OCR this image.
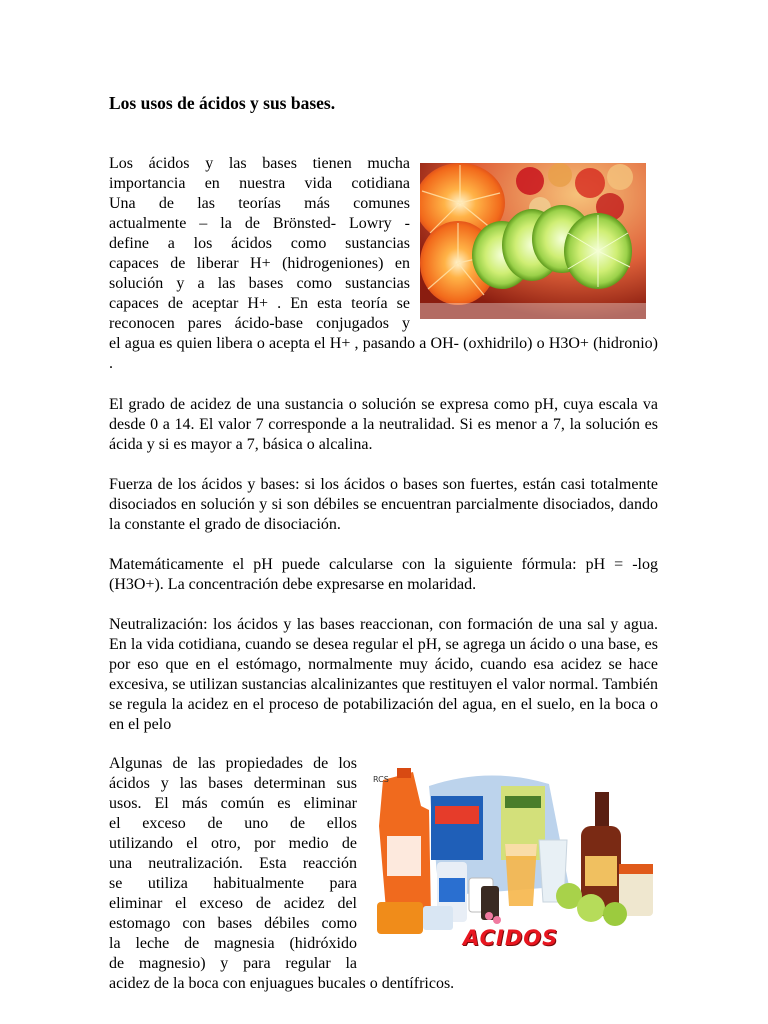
Los usos de ácidos y sus bases.
Los ácidos y las bases tienen mucha
importancia en nuestra vida cotidiana
Una de las teorías más comunes
actualmente – la de Brönsted- Lowry -
define a los ácidos como sustancias
capaces de liberar H+ (hidrogeniones) en
solución y a las bases como sustancias
capaces de aceptar H+ . En esta teoría se
reconocen pares ácido-base conjugados y

el agua es quien libera o acepta el H+ , pasando a OH- (oxhidrilo) o H3O+ (hidronio) .

El grado de acidez de una sustancia o solución se expresa como pH, cuya escala va desde 0 a 14. El valor 7 corresponde a la neutralidad. Si es menor a 7, la solución es ácida y si es mayor a 7, básica o alcalina.

Fuerza de los ácidos y bases: si los ácidos o bases son fuertes, están casi totalmente disociados en solución y si son débiles se encuentran parcialmente disociados, dando la constante el grado de disociación.

Matemáticamente el pH puede calcularse con la siguiente fórmula: pH = -log (H3O+). La concentración debe expresarse en molaridad.

Neutralización: los ácidos y las bases reaccionan, con formación de una sal y agua. En la vida cotidiana, cuando se desea regular el pH, se agrega un ácido o una base, es por eso que en el estómago, normalmente muy ácido, cuando esa acidez se hace excesiva, se utilizan sustancias alcalinizantes que restituyen el valor normal. También se regula la acidez en el proceso de potabilización del agua, en el suelo, en la boca o en el pelo

Algunas de las propiedades de los
ácidos y las bases determinan sus
usos. El más común es eliminar
el exceso de uno de ellos
utilizando el otro, por medio de
una neutralización. Esta reacción
se utiliza habitualmente para
eliminar el exceso de acidez del
estomago con bases débiles como
la leche de magnesia (hidróxido
de magnesio) y para regular la

acidez de la boca con enjuagues bucales o dentífricos.

RCS
ACIDOS
